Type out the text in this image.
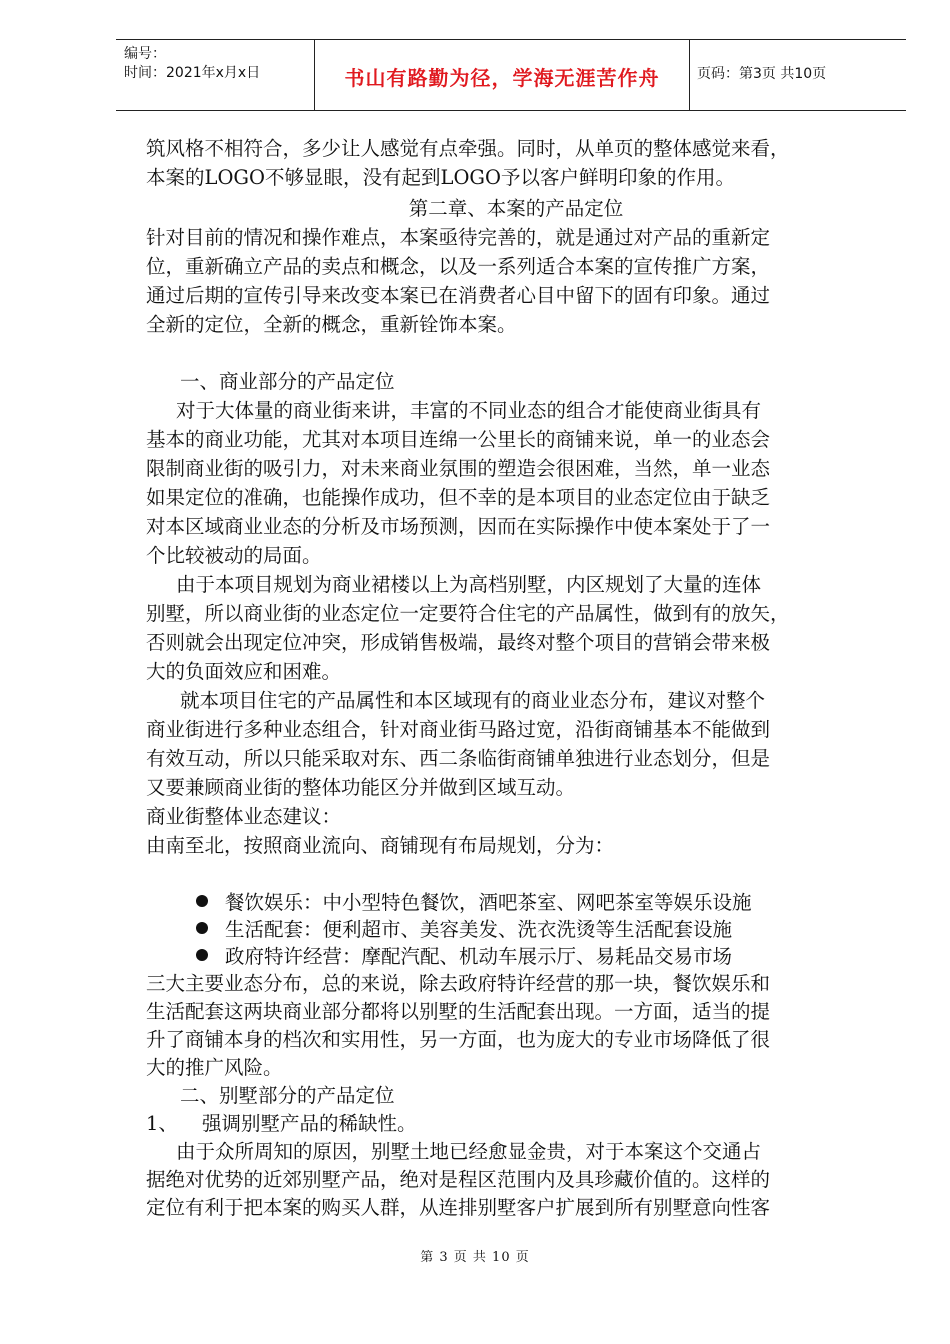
编号：
时间：2021年x月x日	书山有路勤为径，学海无涯苦作舟	页码：第3页 共10页
筑风格不相符合，多少让人感觉有点牵强。同时，从单页的整体感觉来看，
本案的LOGO不够显眼，没有起到LOGO予以客户鲜明印象的作用。
第二章、本案的产品定位
针对目前的情况和操作难点，本案亟待完善的，就是通过对产品的重新定
位，重新确立产品的卖点和概念，以及一系列适合本案的宣传推广方案，
通过后期的宣传引导来改变本案已在消费者心目中留下的固有印象。通过
全新的定位，全新的概念，重新铨饰本案。
一、商业部分的产品定位
对于大体量的商业街来讲，丰富的不同业态的组合才能使商业街具有
基本的商业功能，尤其对本项目连绵一公里长的商铺来说，单一的业态会
限制商业街的吸引力，对未来商业氛围的塑造会很困难，当然，单一业态
如果定位的准确，也能操作成功，但不幸的是本项目的业态定位由于缺乏
对本区域商业业态的分析及市场预测，因而在实际操作中使本案处于了一
个比较被动的局面。
由于本项目规划为商业裙楼以上为高档别墅，内区规划了大量的连体
别墅，所以商业街的业态定位一定要符合住宅的产品属性，做到有的放矢，
否则就会出现定位冲突，形成销售极端，最终对整个项目的营销会带来极
大的负面效应和困难。
就本项目住宅的产品属性和本区域现有的商业业态分布，建议对整个
商业街进行多种业态组合，针对商业街马路过宽，沿街商铺基本不能做到
有效互动，所以只能采取对东、西二条临街商铺单独进行业态划分，但是
又要兼顾商业街的整体功能区分并做到区域互动。
商业街整体业态建议：
由南至北，按照商业流向、商铺现有布局规划，分为：
餐饮娱乐：中小型特色餐饮，酒吧茶室、网吧茶室等娱乐设施
生活配套：便利超市、美容美发、洗衣洗烫等生活配套设施
政府特许经营：摩配汽配、机动车展示厅、易耗品交易市场
三大主要业态分布，总的来说，除去政府特许经营的那一块，餐饮娱乐和
生活配套这两块商业部分都将以别墅的生活配套出现。一方面，适当的提
升了商铺本身的档次和实用性，另一方面，也为庞大的专业市场降低了很
大的推广风险。
二、别墅部分的产品定位
1、	强调别墅产品的稀缺性。
由于众所周知的原因，别墅土地已经愈显金贵，对于本案这个交通占
据绝对优势的近郊别墅产品，绝对是程区范围内及具珍藏价值的。这样的
定位有利于把本案的购买人群，从连排别墅客户扩展到所有别墅意向性客
第 3 页 共 10 页
